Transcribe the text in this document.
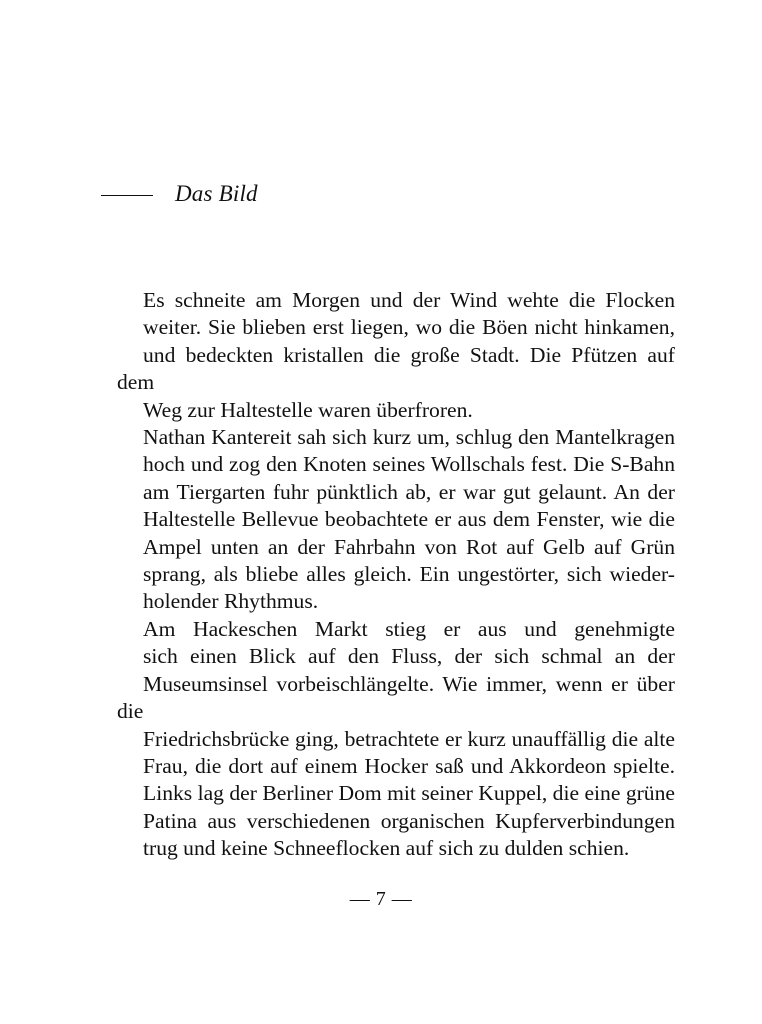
Das Bild

Es schneite am Morgen und der Wind wehte die Flocken
weiter. Sie blieben erst liegen, wo die Böen nicht hinkamen,
und bedeckten kristallen die große Stadt. Die Pfützen auf dem
Weg zur Haltestelle waren überfroren.

Nathan Kantereit sah sich kurz um, schlug den Mantelkragen
hoch und zog den Knoten seines Wollschals fest. Die S-Bahn
am Tiergarten fuhr pünktlich ab, er war gut gelaunt. An der
Haltestelle Bellevue beobachtete er aus dem Fenster, wie die
Ampel unten an der Fahrbahn von Rot auf Gelb auf Grün
sprang, als bliebe alles gleich. Ein ungestörter, sich wieder-
holender Rhythmus.

Am Hackeschen Markt stieg er aus und genehmigte
sich einen Blick auf den Fluss, der sich schmal an der
Museumsinsel vorbeischlängelte. Wie immer, wenn er über die
Friedrichsbrücke ging, betrachtete er kurz unauffällig die alte
Frau, die dort auf einem Hocker saß und Akkordeon spielte.
Links lag der Berliner Dom mit seiner Kuppel, die eine grüne
Patina aus verschiedenen organischen Kupferverbindungen
trug und keine Schneeflocken auf sich zu dulden schien.

— 7 —
